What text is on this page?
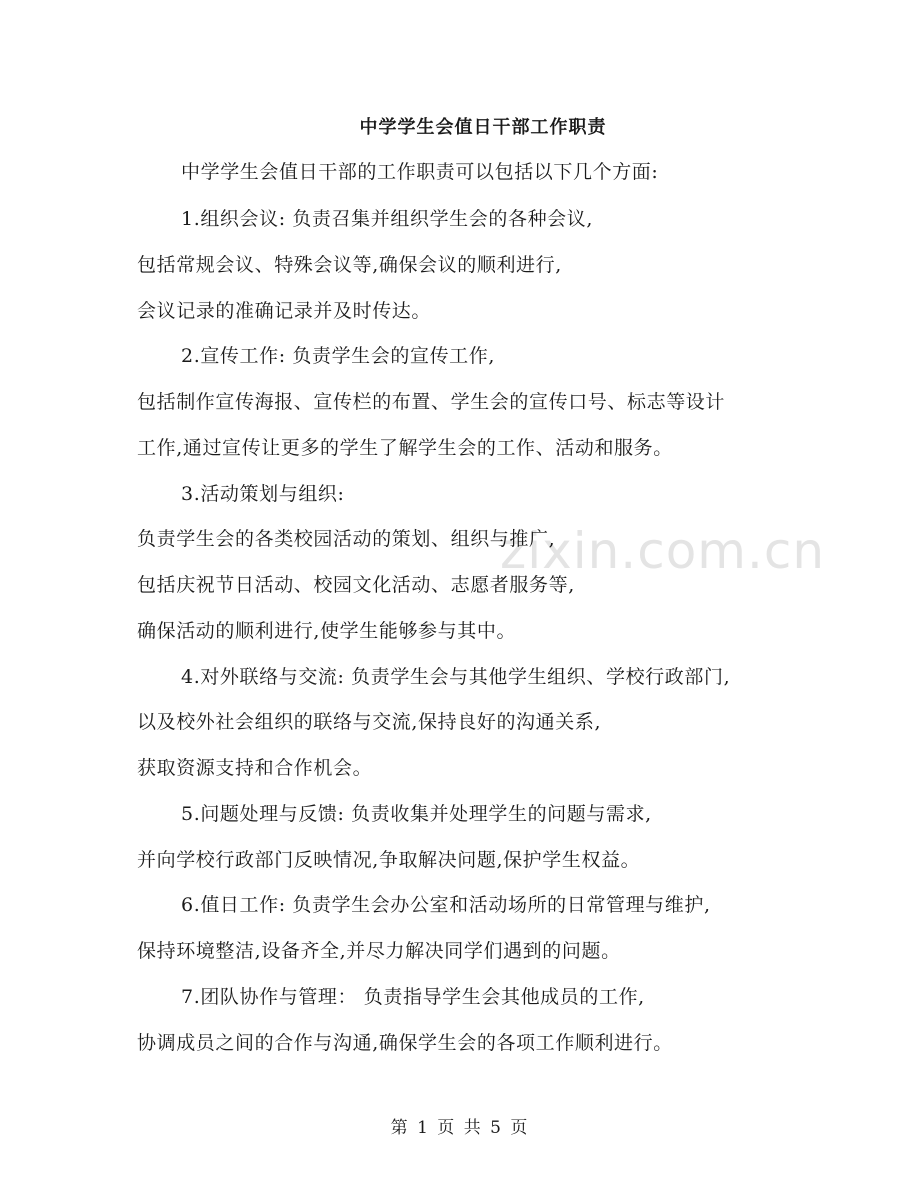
zixin.com.cn
中学学生会值日干部工作职责
中学学生会值日干部的工作职责可以包括以下几个方面:
1.组织会议: 负责召集并组织学生会的各种会议,
包括常规会议、特殊会议等,确保会议的顺利进行,
会议记录的准确记录并及时传达。
2.宣传工作: 负责学生会的宣传工作,
包括制作宣传海报、宣传栏的布置、学生会的宣传口号、标志等设计
工作,通过宣传让更多的学生了解学生会的工作、活动和服务。
3.活动策划与组织:
负责学生会的各类校园活动的策划、组织与推广,
包括庆祝节日活动、校园文化活动、志愿者服务等,
确保活动的顺利进行,使学生能够参与其中。
4.对外联络与交流: 负责学生会与其他学生组织、学校行政部门,
以及校外社会组织的联络与交流,保持良好的沟通关系,
获取资源支持和合作机会。
5.问题处理与反馈: 负责收集并处理学生的问题与需求,
并向学校行政部门反映情况,争取解决问题,保护学生权益。
6.值日工作: 负责学生会办公室和活动场所的日常管理与维护,
保持环境整洁,设备齐全,并尽力解决同学们遇到的问题。
7.团队协作与管理： 负责指导学生会其他成员的工作,
协调成员之间的合作与沟通,确保学生会的各项工作顺利进行。
第 1 页 共 5 页
